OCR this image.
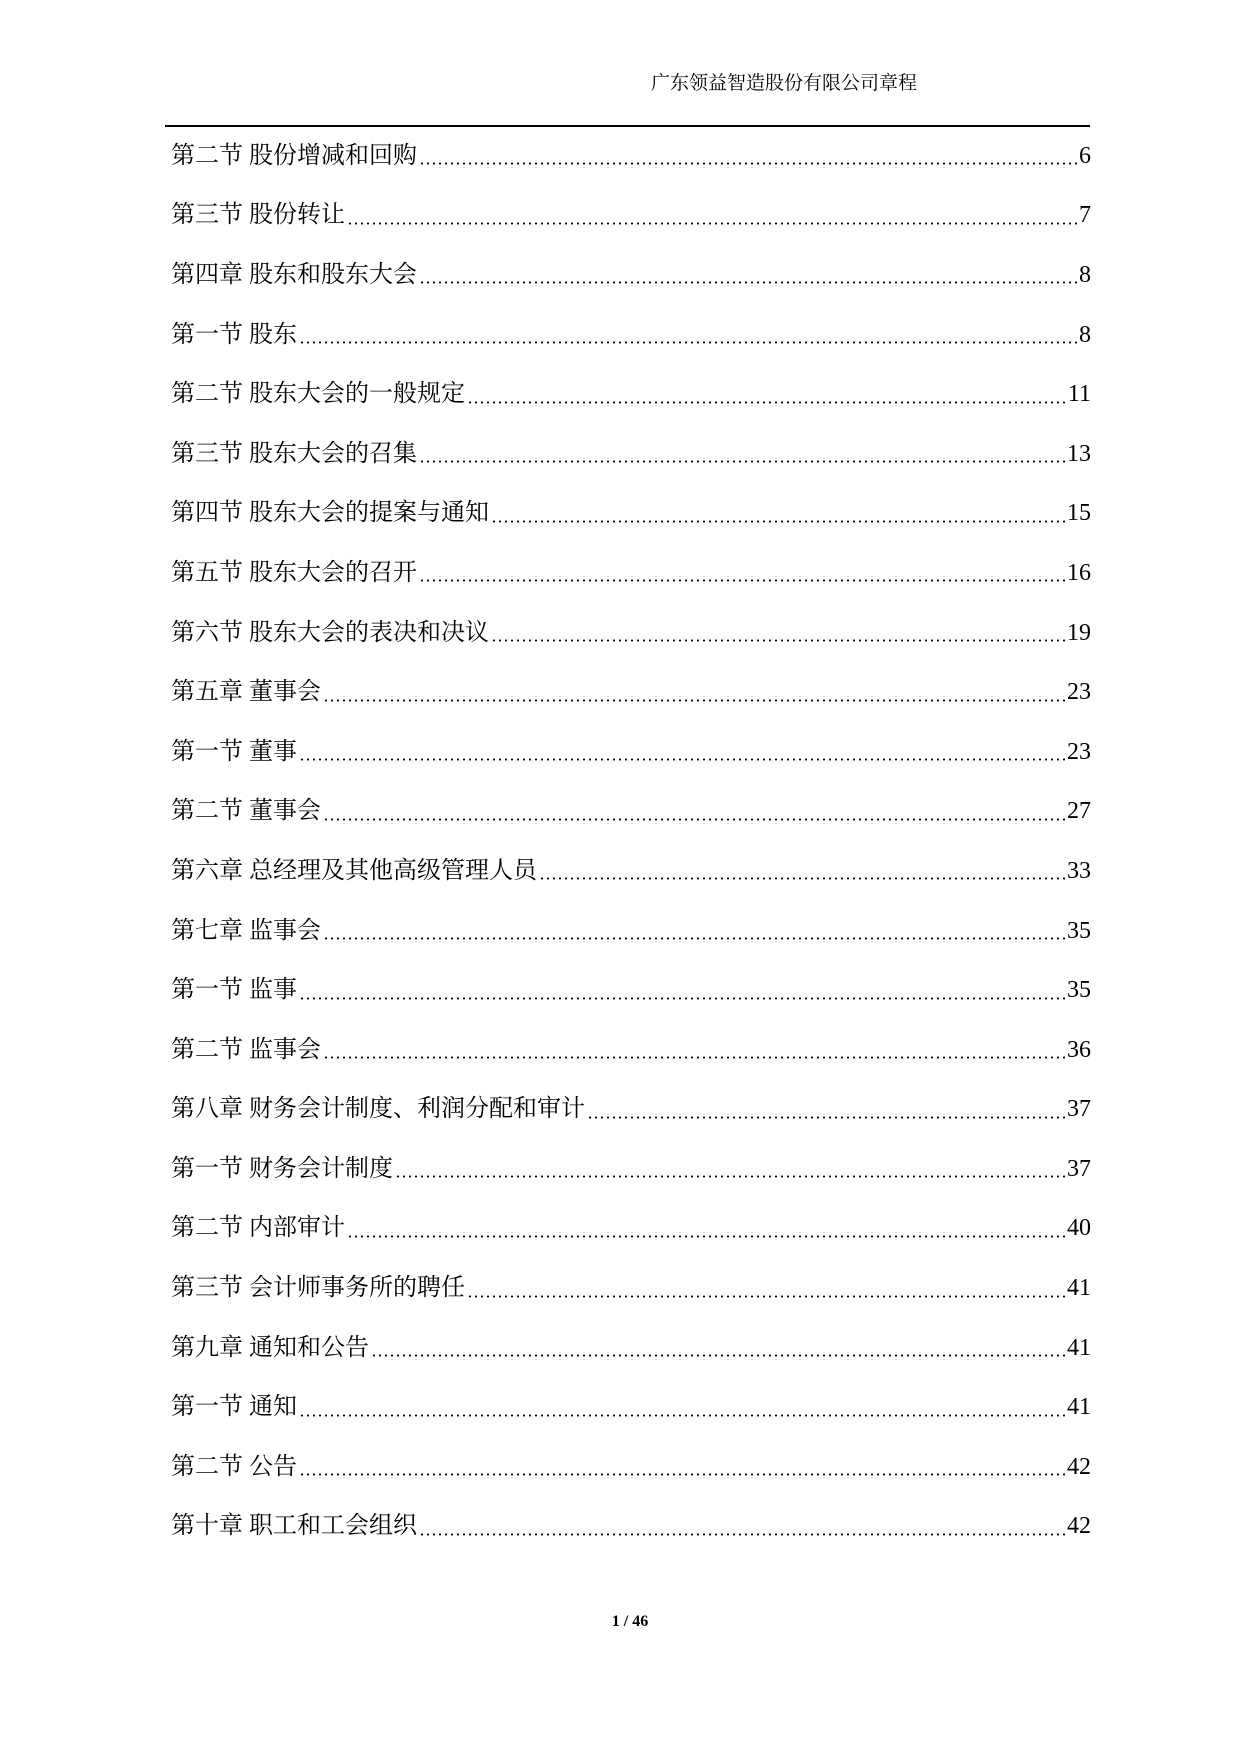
广东领益智造股份有限公司章程
第二节 股份增减和回购	6
第三节 股份转让	7
第四章 股东和股东大会	8
第一节 股东	8
第二节 股东大会的一般规定	11
第三节 股东大会的召集	13
第四节 股东大会的提案与通知	15
第五节 股东大会的召开	16
第六节 股东大会的表决和决议	19
第五章 董事会	23
第一节 董事	23
第二节 董事会	27
第六章 总经理及其他高级管理人员	33
第七章 监事会	35
第一节 监事	35
第二节 监事会	36
第八章 财务会计制度、利润分配和审计	37
第一节 财务会计制度	37
第二节 内部审计	40
第三节 会计师事务所的聘任	41
第九章 通知和公告	41
第一节 通知	41
第二节 公告	42
第十章 职工和工会组织	42
1 / 46
